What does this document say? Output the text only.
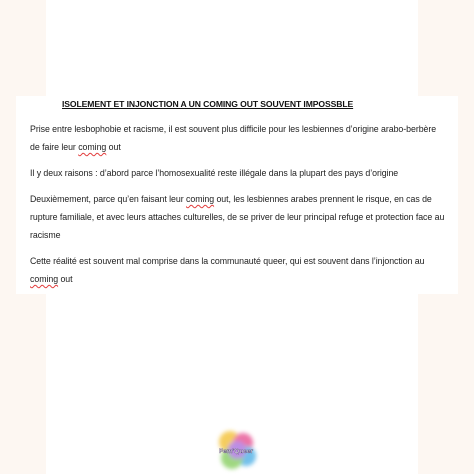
ISOLEMENT ET INJONCTION A UN COMING OUT SOUVENT IMPOSSBLE

Prise entre lesbophobie et racisme, il est souvent plus difficile pour les lesbiennes d’origine arabo-berbère de faire leur coming out

Il y deux raisons : d’abord parce l’homosexualité reste illégale dans la plupart des pays d’origine

Deuxièmement, parce qu’en faisant leur coming out, les lesbiennes arabes prennent le risque, en cas de rupture familiale, et avec leurs attaches culturelles, de se priver de leur principal refuge et protection face au racisme

Cette réalité est souvent mal comprise dans la communauté queer, qui est souvent dans l’injonction au coming out

Fem’Queer
